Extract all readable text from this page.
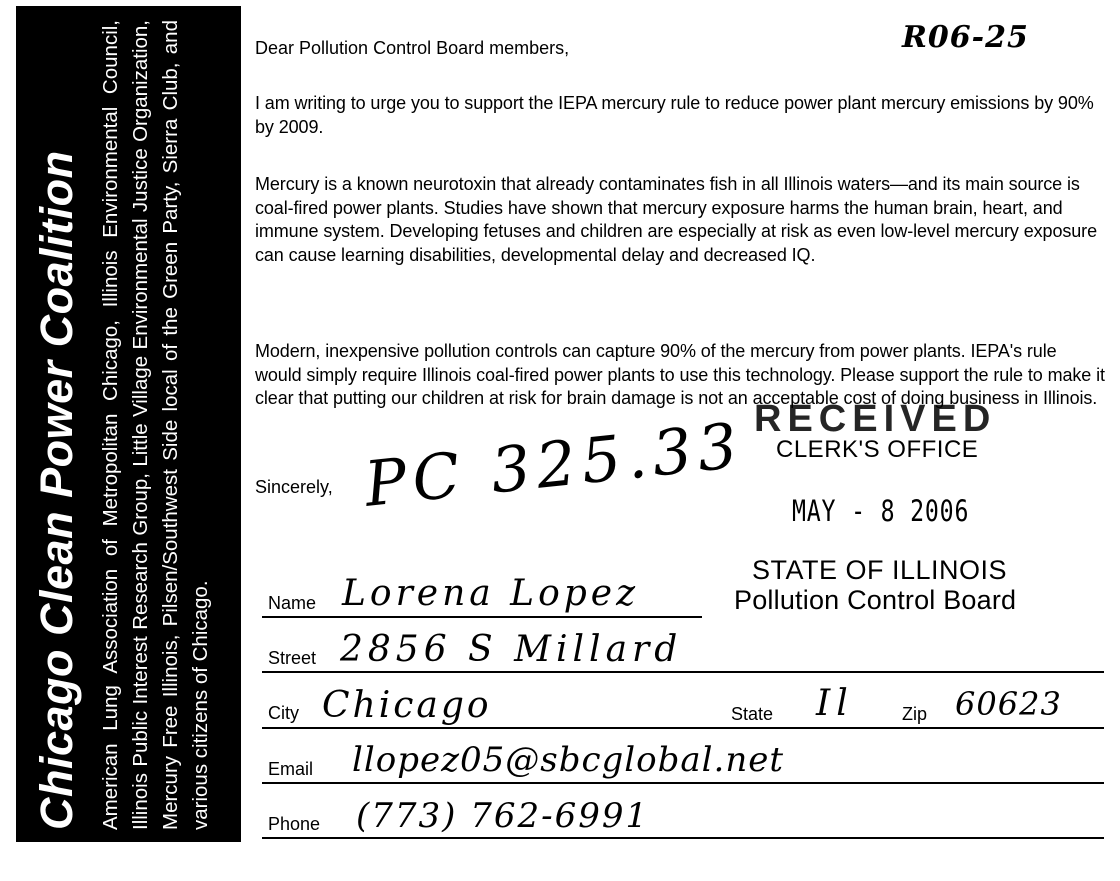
Chicago Clean Power Coalition American Lung Association of Metropolitan Chicago, Illinois Environmental Council, Illinois Public Interest Research Group, Little Village Environmental Justice Organization, Mercury Free Illinois, Pilsen/Southwest Side local of the Green Party, Sierra Club, and various citizens of Chicago.
Dear Pollution Control Board members,
I am writing to urge you to support the IEPA mercury rule to reduce power plant mercury emissions by 90% by 2009.
Mercury is a known neurotoxin that already contaminates fish in all Illinois waters—and its main source is coal-fired power plants. Studies have shown that mercury exposure harms the human brain, heart, and immune system. Developing fetuses and children are especially at risk as even low-level mercury exposure can cause learning disabilities, developmental delay and decreased IQ.
Modern, inexpensive pollution controls can capture 90% of the mercury from power plants. IEPA's rule would simply require Illinois coal-fired power plants to use this technology. Please support the rule to make it clear that putting our children at risk for brain damage is not an acceptable cost of doing business in Illinois.
Sincerely,
R06-25
PC 325.33 RECEIVED
CLERK'S OFFICE
MAY - 8 2006
STATE OF ILLINOIS
Pollution Control Board
Name Lorena Lopez
Street 2856 S Millard
City Chicago	State Il	Zip 60623
Email llopez05@sbcglobal.net
Phone (773) 762-6991
